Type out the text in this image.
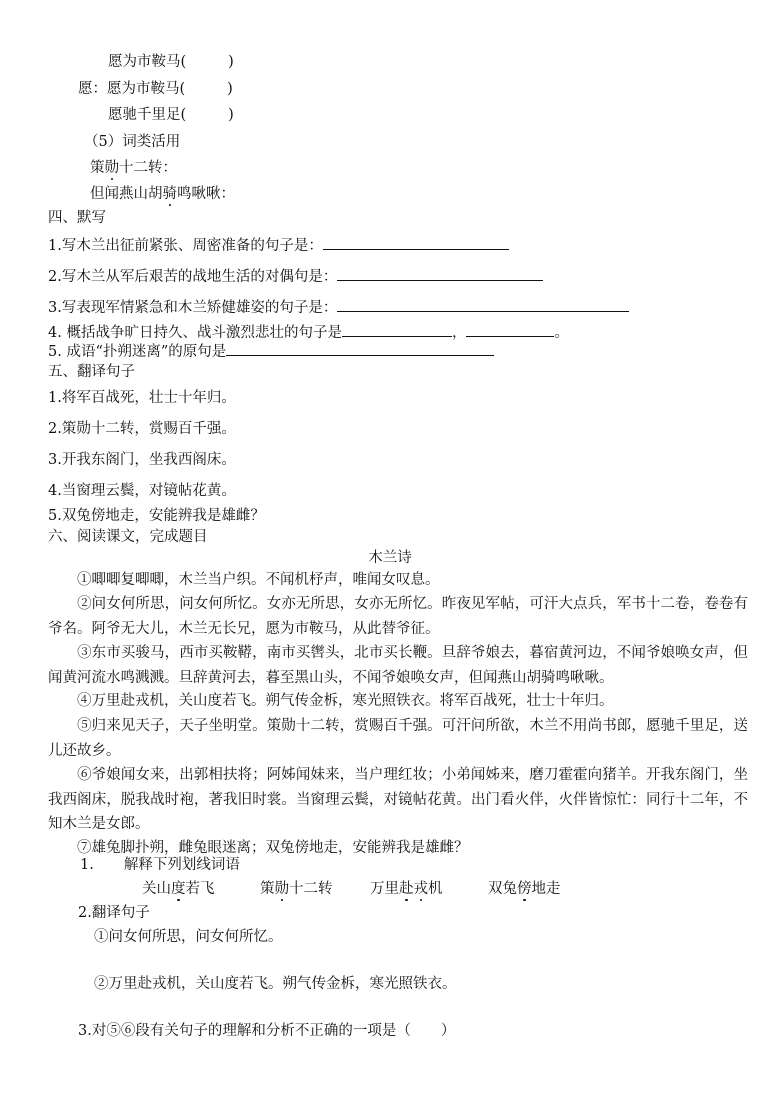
愿为市鞍马(	)
愿：愿为市鞍马(	)
愿驰千里足(	)
（5）词类活用
策勋十二转：
但闻燕山胡骑鸣啾啾：
四、默写
1.写木兰出征前紧张、周密准备的句子是：
2.写木兰从军后艰苦的战地生活的对偶句是：
3.写表现军情紧急和木兰矫健雄姿的句子是：
4. 概括战争旷日持久、战斗激烈悲壮的句子是	，	。
5. 成语“扑朔迷离”的原句是
五、翻译句子
1.将军百战死，壮士十年归。
2.策勋十二转，赏赐百千强。
3.开我东阁门，坐我西阁床。
4.当窗理云鬓，对镜帖花黄。
5.双兔傍地走，安能辨我是雄雌？
六、阅读课文，完成题目
木兰诗
①唧唧复唧唧，木兰当户织。不闻机杼声，唯闻女叹息。
②问女何所思，问女何所忆。女亦无所思，女亦无所忆。昨夜见军帖，可汗大点兵，军书十二卷，卷卷有爷名。阿爷无大儿，木兰无长兄，愿为市鞍马，从此替爷征。
③东市买骏马，西市买鞍鞯，南市买辔头，北市买长鞭。旦辞爷娘去，暮宿黄河边，不闻爷娘唤女声，但闻黄河流水鸣溅溅。旦辞黄河去，暮至黑山头，不闻爷娘唤女声，但闻燕山胡骑鸣啾啾。
④万里赴戎机，关山度若飞。朔气传金柝，寒光照铁衣。将军百战死，壮士十年归。
⑤归来见天子，天子坐明堂。策勋十二转，赏赐百千强。可汗问所欲，木兰不用尚书郎，愿驰千里足，送儿还故乡。
⑥爷娘闻女来，出郭相扶将；阿姊闻妹来，当户理红妆；小弟闻姊来，磨刀霍霍向猪羊。开我东阁门，坐我西阁床，脱我战时袍，著我旧时裳。当窗理云鬓，对镜帖花黄。出门看火伴，火伴皆惊忙：同行十二年，不知木兰是女郎。
⑦雄兔脚扑朔，雌兔眼迷离；双兔傍地走，安能辨我是雄雌？
1. 解释下列划线词语
关山度若飞	策勋十二转	万里赴戎机	双兔傍地走
2.翻译句子
①问女何所思，问女何所忆。
②万里赴戎机，关山度若飞。朔气传金柝，寒光照铁衣。
3.对⑤⑥段有关句子的理解和分析不正确的一项是（ ）
